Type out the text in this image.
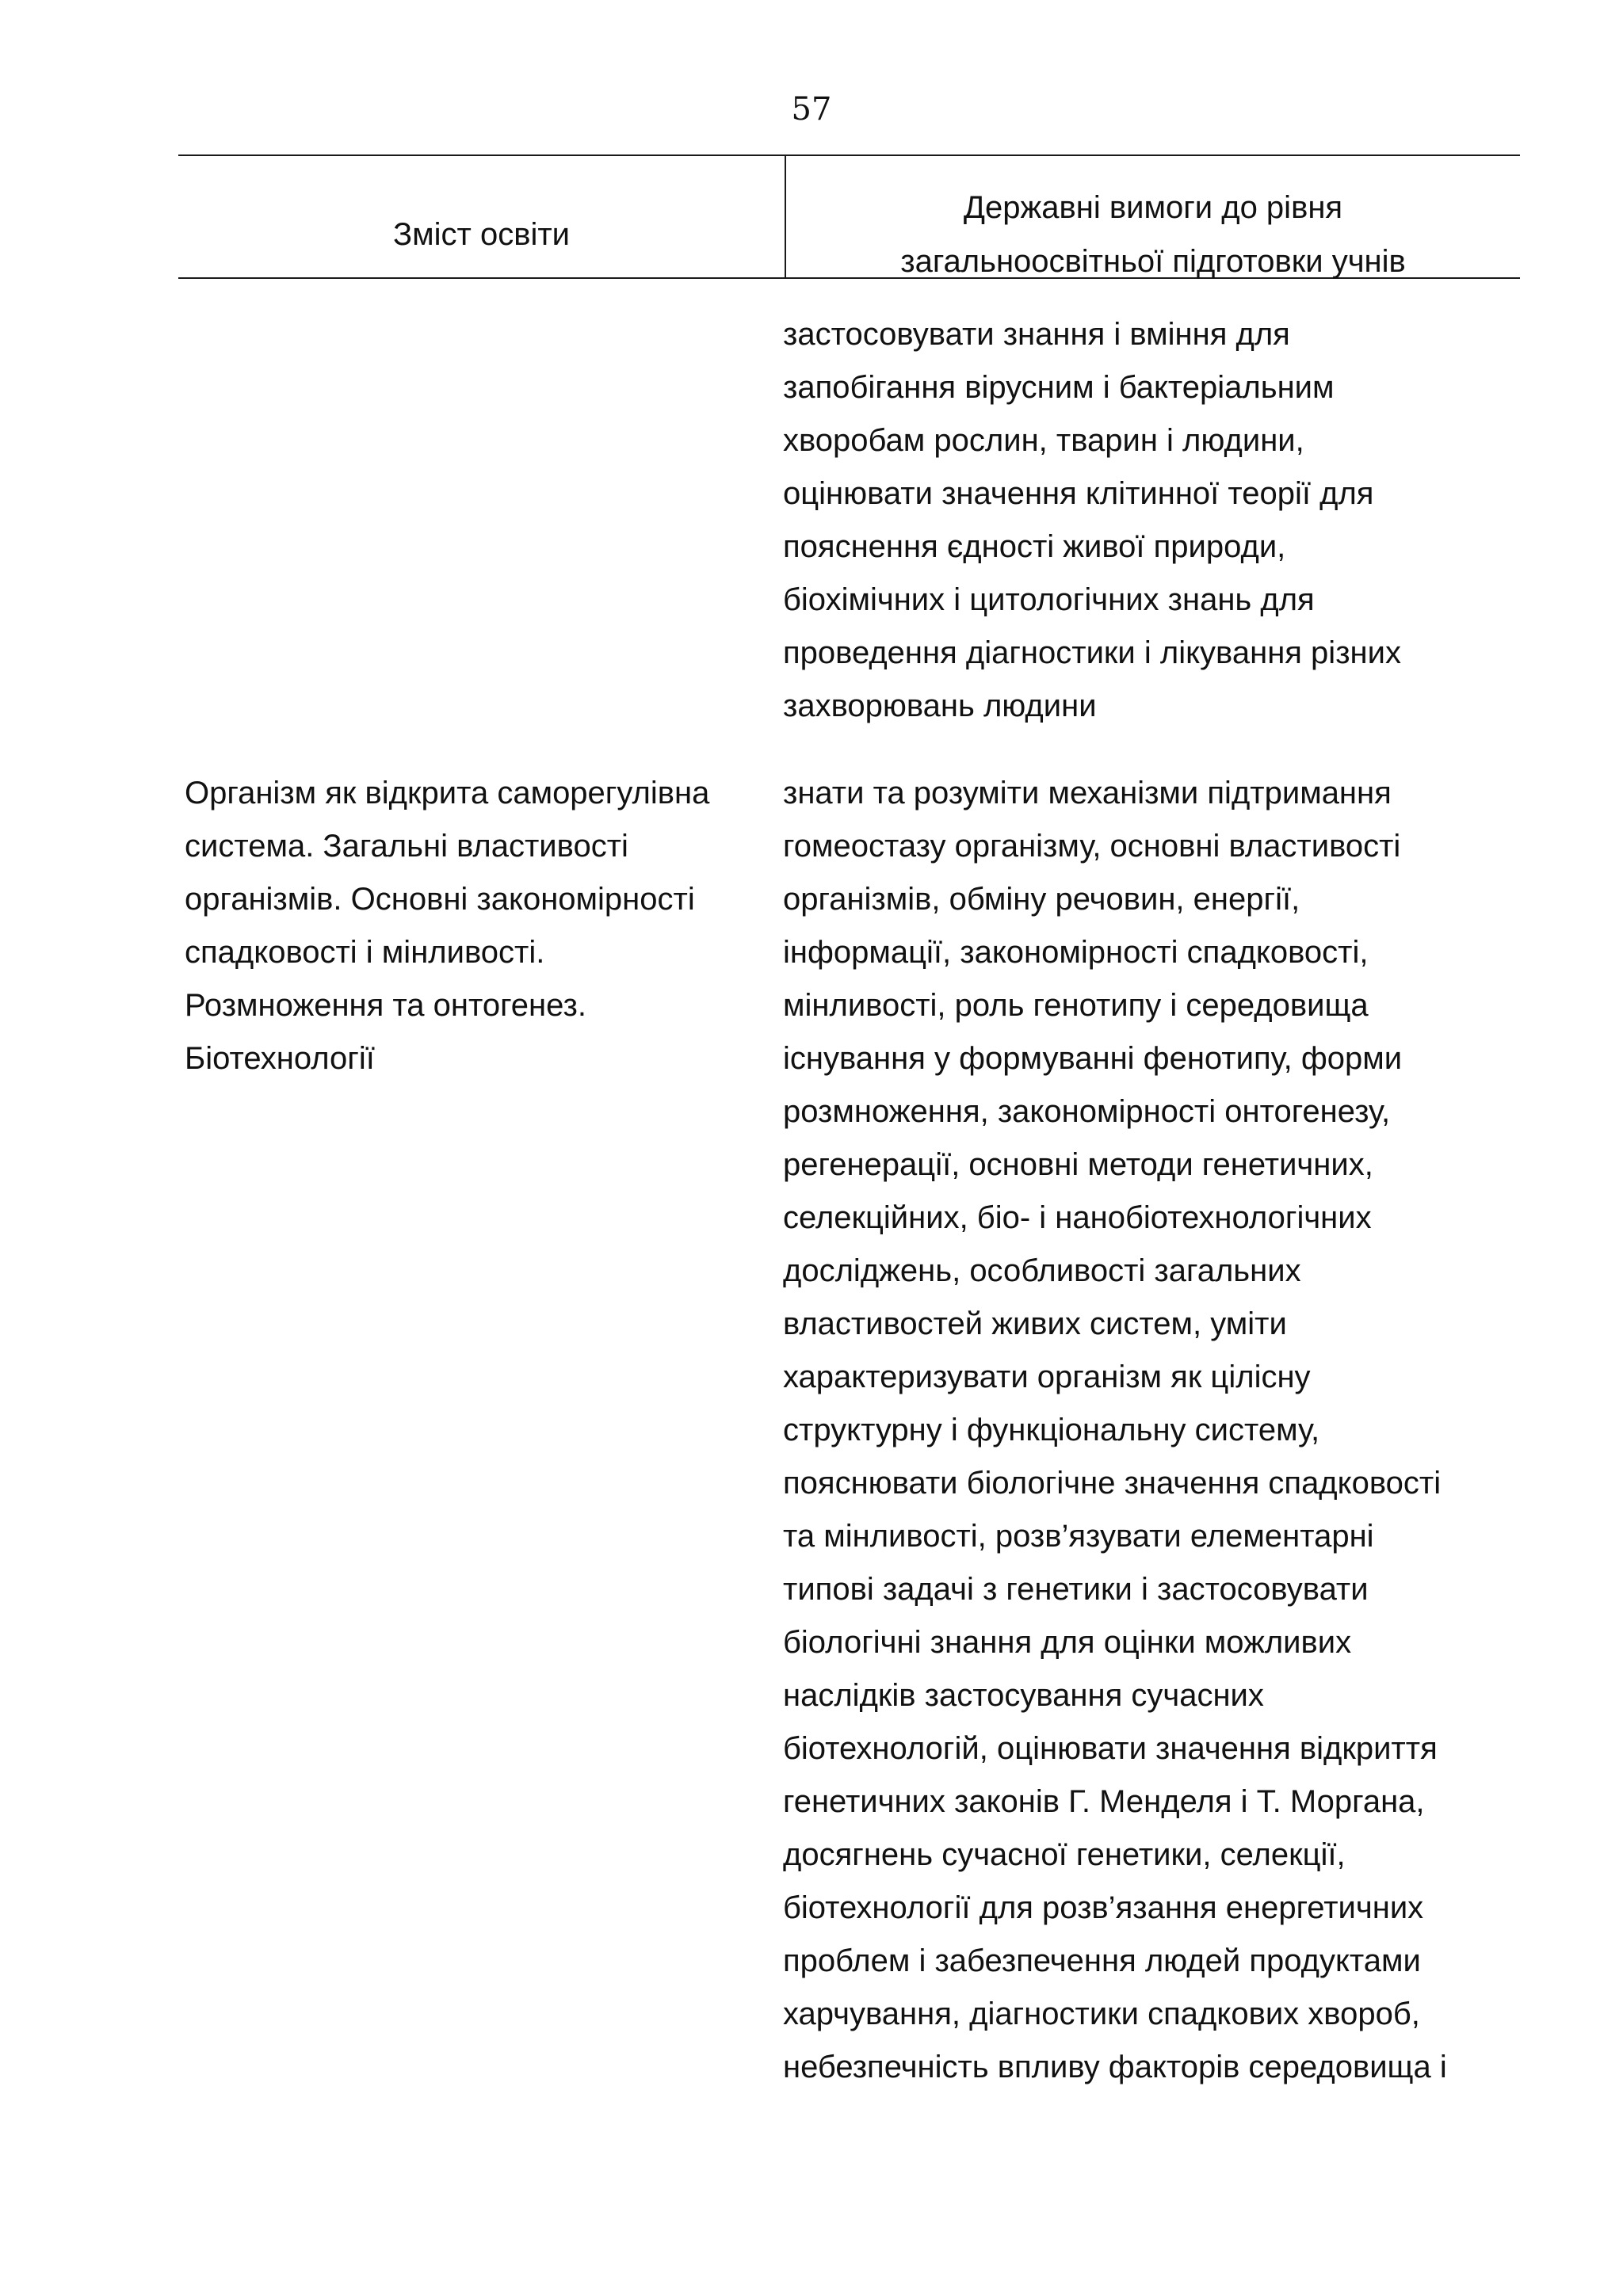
57
Зміст освіти
Державні вимоги до рівня
загальноосвітньої підготовки учнів
застосовувати знання і вміння для
запобігання вірусним і бактеріальним
хворобам рослин, тварин і людини,
оцінювати значення клітинної теорії для
пояснення єдності живої природи,
біохімічних і цитологічних знань для
проведення діагностики і лікування різних
захворювань людини
Організм як відкрита саморегулівна
система. Загальні властивості
організмів. Основні закономірності
спадковості і мінливості.
Розмноження та онтогенез.
Біотехнології
знати та розуміти механізми підтримання
гомеостазу організму, основні властивості
організмів, обміну речовин, енергії,
інформації, закономірності спадковості,
мінливості, роль генотипу і середовища
існування у формуванні фенотипу, форми
розмноження, закономірності онтогенезу,
регенерації, основні методи генетичних,
селекційних, біо- і нанобіотехнологічних
досліджень, особливості загальних
властивостей живих систем, уміти
характеризувати організм як цілісну
структурну і функціональну систему,
пояснювати біологічне значення спадковості
та мінливості, розв’язувати елементарні
типові задачі з генетики і застосовувати
біологічні знання для оцінки можливих
наслідків застосування сучасних
біотехнологій, оцінювати значення відкриття
генетичних законів Г. Менделя і Т. Моргана,
досягнень сучасної генетики, селекції,
біотехнології для розв’язання енергетичних
проблем і забезпечення людей продуктами
харчування, діагностики спадкових хвороб,
небезпечність впливу факторів середовища і
